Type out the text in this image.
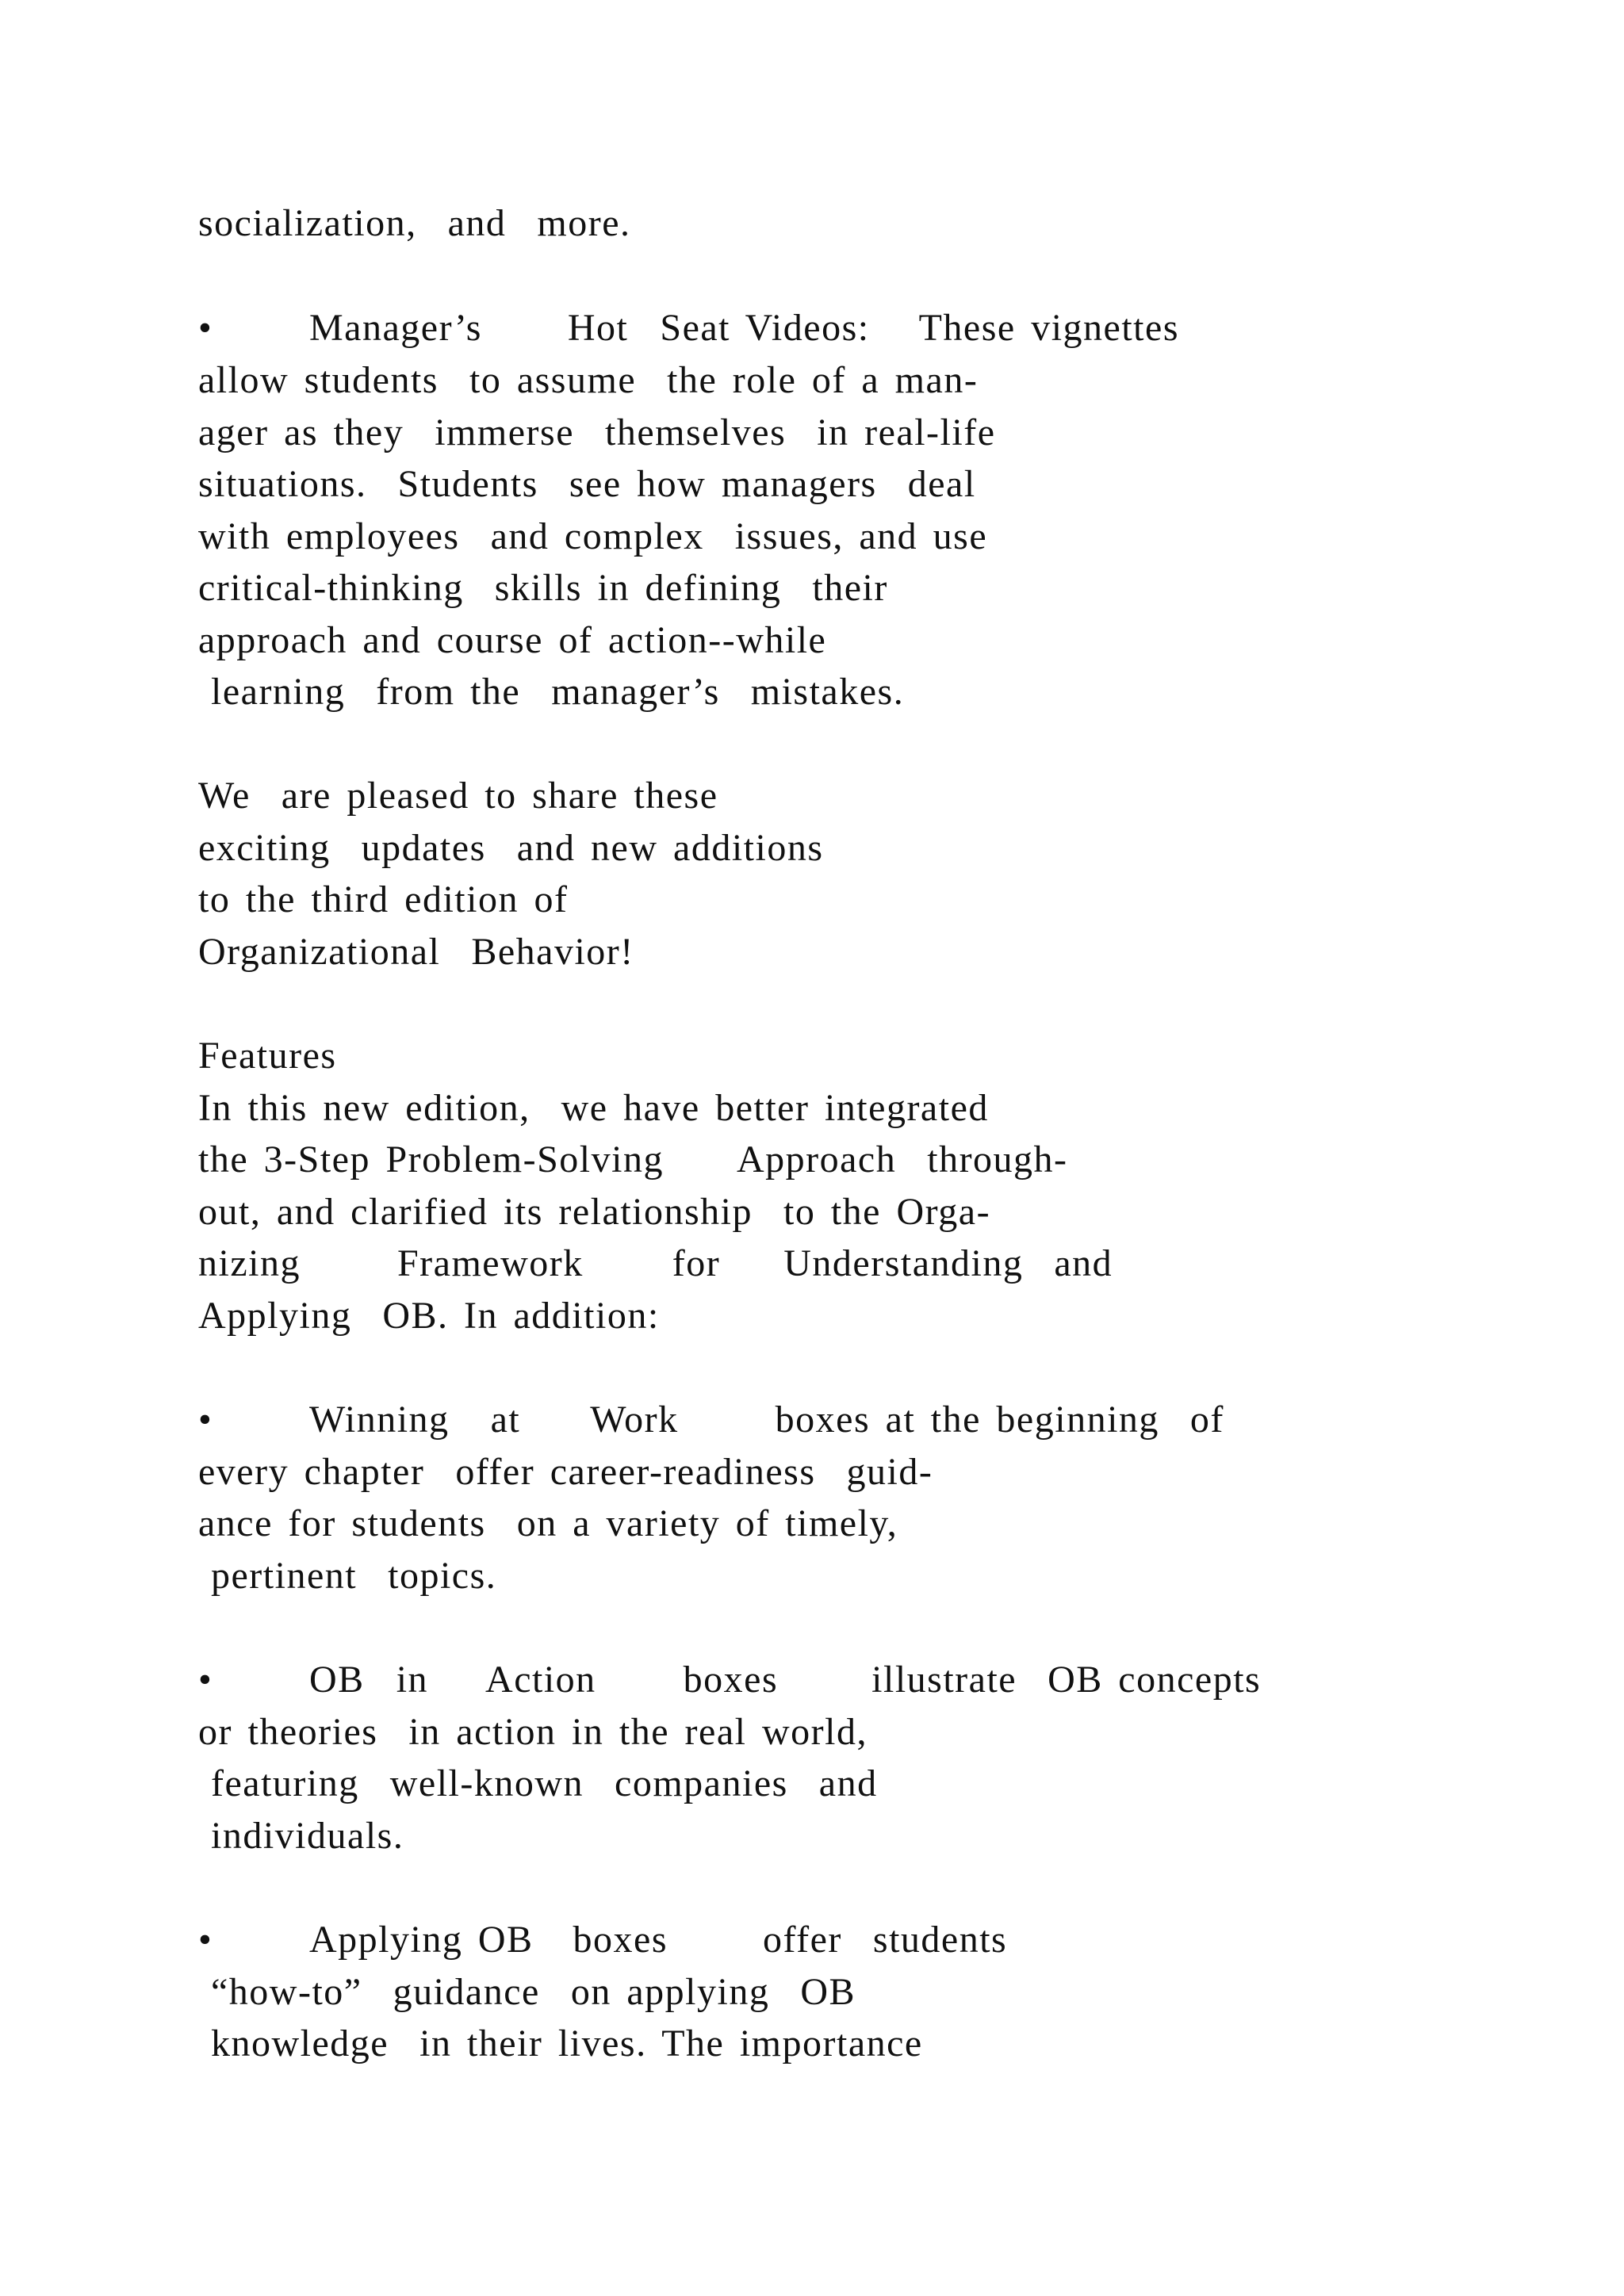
socialization,  and  more.
•	Manager’s Hot Seat Videos: These vignettes
allow students  to assume  the role of a man-
ager as they  immerse  themselves  in real-life
situations.  Students  see how managers  deal
with employees  and complex  issues, and use
critical-thinking  skills in defining  their
approach and course of action--while
learning  from the  manager’s  mistakes.
We  are pleased to share these
exciting  updates  and new additions
to the third edition of
Organizational  Behavior!
Features
In this new edition,  we have better integrated
the 3-Step Problem-Solving Approach  through-
out, and clarified its relationship  to the Orga-
nizing	Framework for Understanding  and
Applying  OB. In addition:
•	Winning at Work	boxes at the beginning  of
every chapter  offer career-readiness  guid-
ance for students  on a variety of timely,
pertinent  topics.
•	OB in Action boxes illustrate  OB concepts
or theories  in action in the real world,
featuring  well-known  companies  and
individuals.
•	Applying OB boxes	offer  students
“how-to”  guidance  on applying  OB
knowledge  in their lives. The importance
